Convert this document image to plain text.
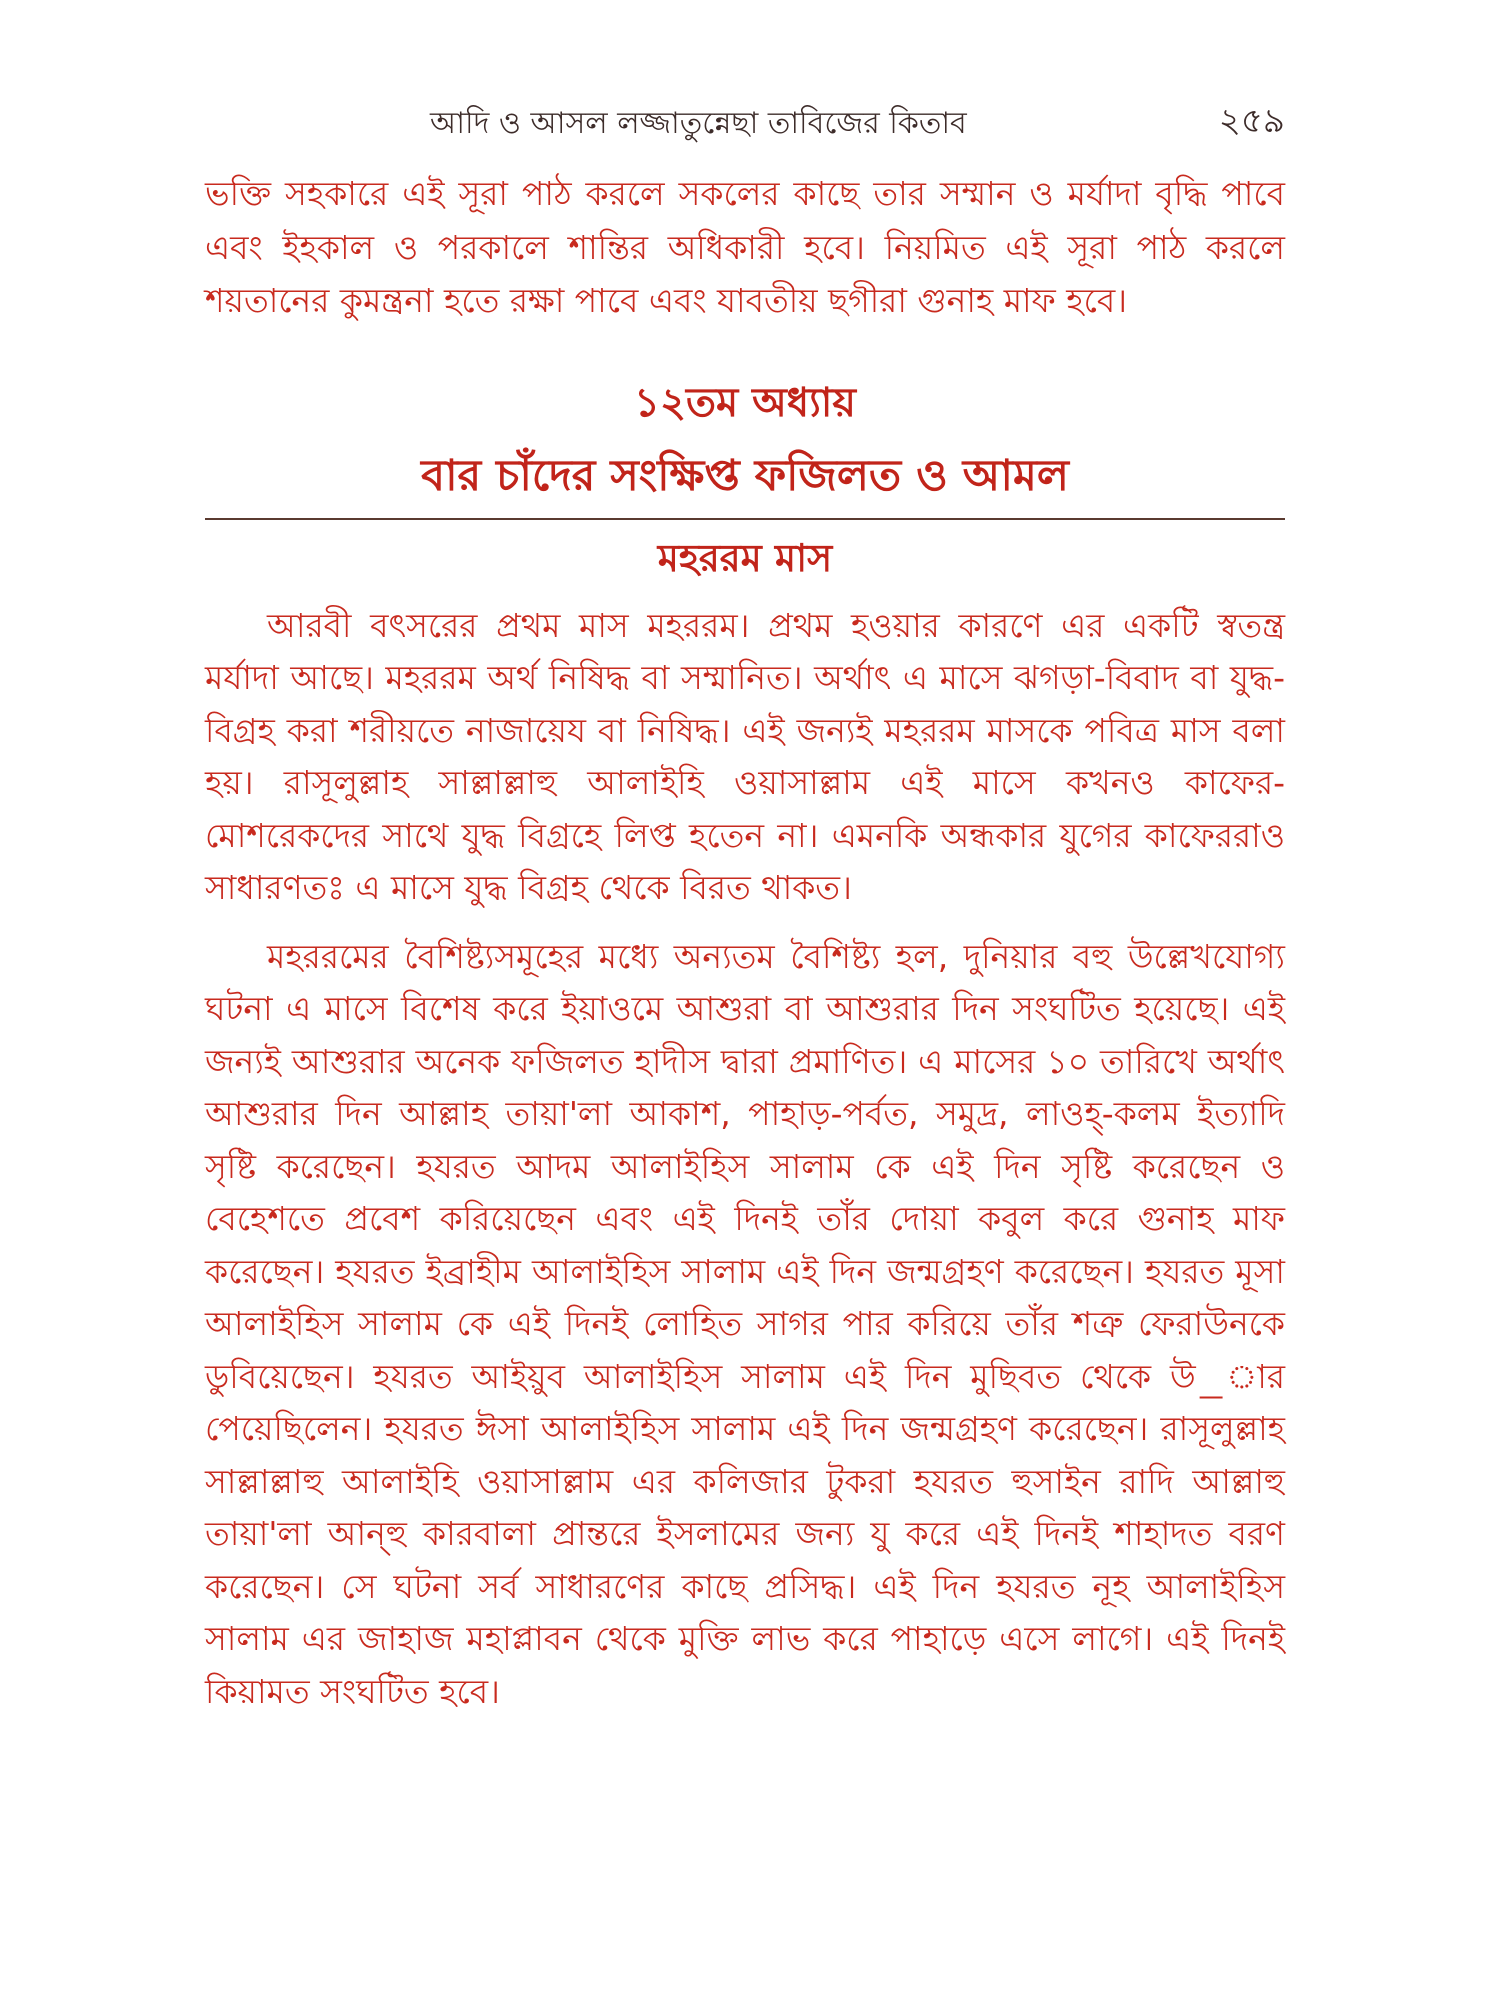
আদি ও আসল লজ্জাতুন্নেছা তাবিজের কিতাব	২৫৯

ভক্তি সহকারে এই সূরা পাঠ করলে সকলের কাছে তার সম্মান ও মর্যাদা বৃদ্ধি পাবে এবং ইহকাল ও পরকালে শান্তির অধিকারী হবে। নিয়মিত এই সূরা পাঠ করলে শয়তানের কুমন্ত্রনা হতে রক্ষা পাবে এবং যাবতীয় ছগীরা গুনাহ মাফ হবে।

১২তম অধ্যায়
বার চাঁদের সংক্ষিপ্ত ফজিলত ও আমল
মহররম মাস

আরবী বৎসরের প্রথম মাস মহররম। প্রথম হওয়ার কারণে এর একটি স্বতন্ত্র মর্যাদা আছে। মহররম অর্থ নিষিদ্ধ বা সম্মানিত। অর্থাৎ এ মাসে ঝগড়া-বিবাদ বা যুদ্ধ-বিগ্রহ করা শরীয়তে নাজায়েয বা নিষিদ্ধ। এই জন্যই মহররম মাসকে পবিত্র মাস বলা হয়। রাসূলুল্লাহ সাল্লাল্লাহু আলাইহি ওয়াসাল্লাম এই মাসে কখনও কাফের-মোশরেকদের সাথে যুদ্ধ বিগ্রহে লিপ্ত হতেন না। এমনকি অন্ধকার যুগের কাফেররাও সাধারণতঃ এ মাসে যুদ্ধ বিগ্রহ থেকে বিরত থাকত।

মহররমের বৈশিষ্ট্যসমূহের মধ্যে অন্যতম বৈশিষ্ট্য হল, দুনিয়ার বহু উল্লেখযোগ্য ঘটনা এ মাসে বিশেষ করে ইয়াওমে আশুরা বা আশুরার দিন সংঘটিত হয়েছে। এই জন্যই আশুরার অনেক ফজিলত হাদীস দ্বারা প্রমাণিত। এ মাসের ১০ তারিখে অর্থাৎ আশুরার দিন আল্লাহ তায়া'লা আকাশ, পাহাড়-পর্বত, সমুদ্র, লাওহ্-কলম ইত্যাদি সৃষ্টি করেছেন। হযরত আদম আলাইহিস সালাম কে এই দিন সৃষ্টি করেছেন ও বেহেশতে প্রবেশ করিয়েছেন এবং এই দিনই তাঁর দোয়া কবুল করে গুনাহ মাফ করেছেন। হযরত ইব্রাহীম আলাইহিস সালাম এই দিন জন্মগ্রহণ করেছেন। হযরত মূসা আলাইহিস সালাম কে এই দিনই লোহিত সাগর পার করিয়ে তাঁর শত্রু ফেরাউনকে ডুবিয়েছেন। হযরত আইয়ুব আলাইহিস সালাম এই দিন মুছিবত থেকে উ_ার পেয়েছিলেন। হযরত ঈসা আলাইহিস সালাম এই দিন জন্মগ্রহণ করেছেন। রাসূলুল্লাহ সাল্লাল্লাহু আলাইহি ওয়াসাল্লাম এর কলিজার টুকরা হযরত হুসাইন রাদি আল্লাহু তায়া'লা আন্হু কারবালা প্রান্তরে ইসলামের জন্য যু করে এই দিনই শাহাদত বরণ করেছেন। সে ঘটনা সর্ব সাধারণের কাছে প্রসিদ্ধ। এই দিন হযরত নূহ আলাইহিস সালাম এর জাহাজ মহাপ্লাবন থেকে মুক্তি লাভ করে পাহাড়ে এসে লাগে। এই দিনই কিয়ামত সংঘটিত হবে।
